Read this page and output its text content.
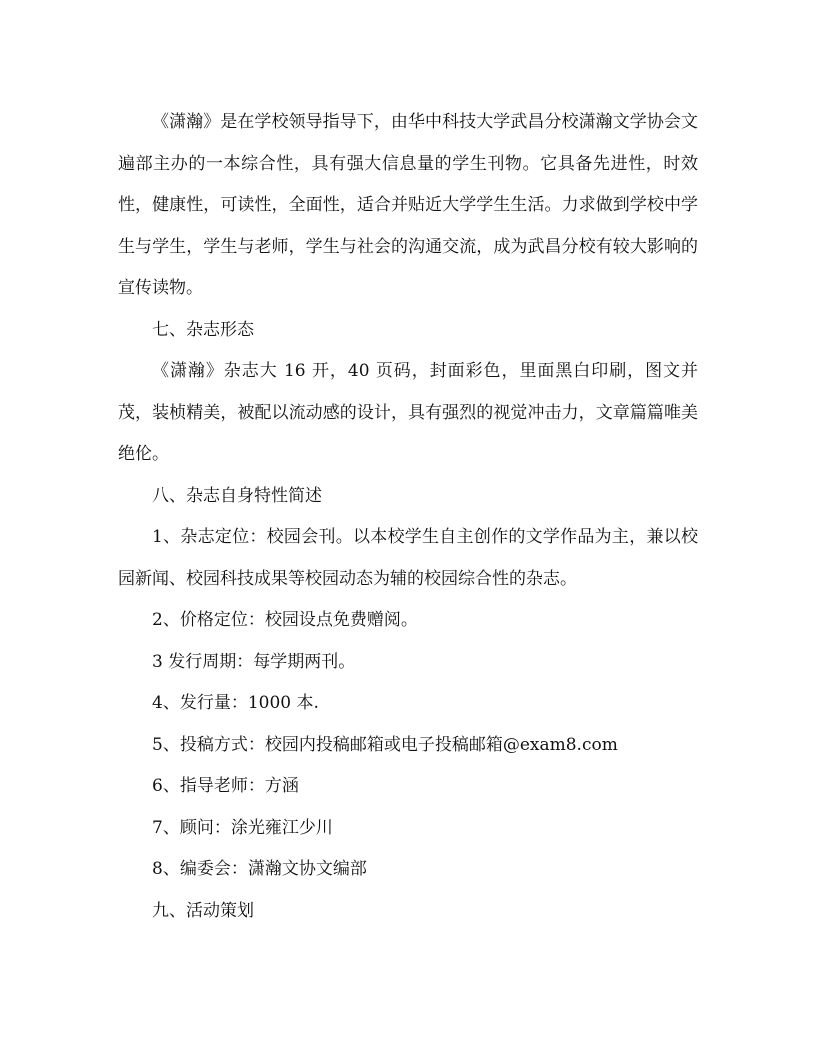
《潇瀚》是在学校领导指导下，由华中科技大学武昌分校潇瀚文学协会文遍部主办的一本综合性，具有强大信息量的学生刊物。它具备先进性，时效性，健康性，可读性，全面性，适合并贴近大学学生生活。力求做到学校中学生与学生，学生与老师，学生与社会的沟通交流，成为武昌分校有较大影响的宣传读物。

七、杂志形态

《潇瀚》杂志大 16 开，40 页码，封面彩色，里面黑白印刷，图文并茂，装桢精美，被配以流动感的设计，具有强烈的视觉冲击力，文章篇篇唯美绝伦。

八、杂志自身特性简述

1、杂志定位：校园会刊。以本校学生自主创作的文学作品为主，兼以校园新闻、校园科技成果等校园动态为辅的校园综合性的杂志。

2、价格定位：校园设点免费赠阅。

3 发行周期：每学期两刊。

4、发行量：1000 本.

5、投稿方式：校园内投稿邮箱或电子投稿邮箱@exam8.com

6、指导老师：方涵

7、顾问：涂光雍江少川

8、编委会：潇瀚文协文编部

九、活动策划
